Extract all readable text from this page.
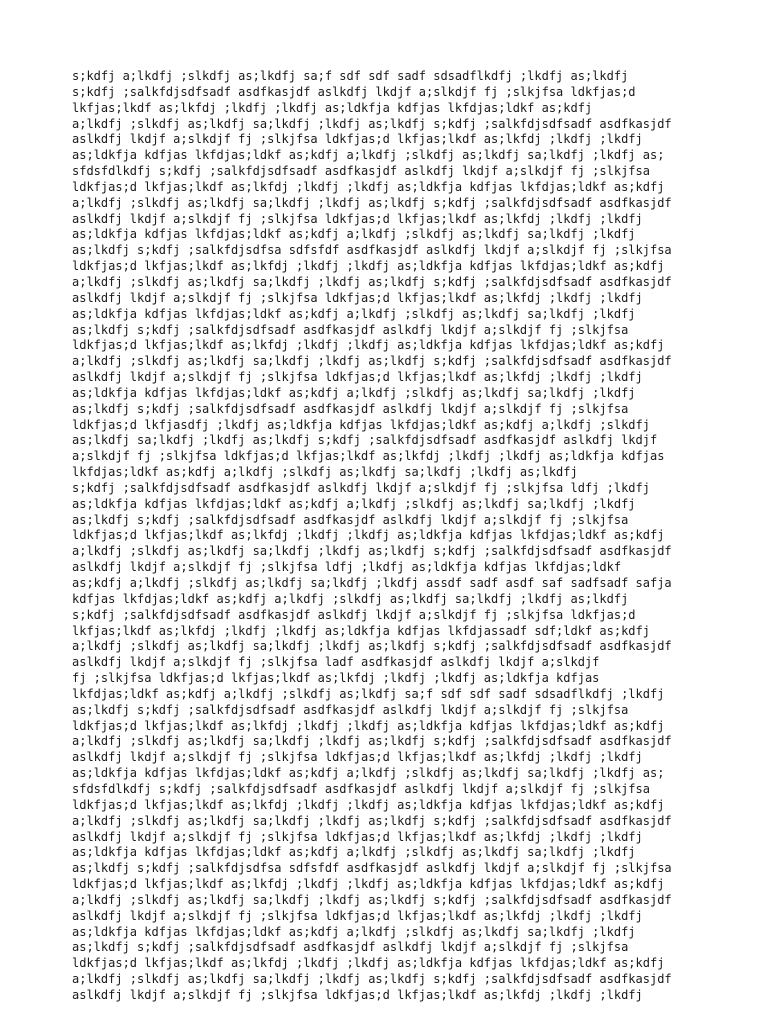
s;kdfj a;lkdfj ;slkdfj as;lkdfj sa;f sdf sdf sadf sdsadflkdfj ;lkdfj as;lkdfj
s;kdfj ;salkfdjsdfsadf asdfkasjdf aslkdfj lkdjf a;slkdjf fj ;slkjfsa ldkfjas;d
lkfjas;lkdf as;lkfdj ;lkdfj ;lkdfj as;ldkfja kdfjas lkfdjas;ldkf as;kdfj
a;lkdfj ;slkdfj as;lkdfj sa;lkdfj ;lkdfj as;lkdfj s;kdfj ;salkfdjsdfsadf asdfkasjdf
aslkdfj lkdjf a;slkdjf fj ;slkjfsa ldkfjas;d lkfjas;lkdf as;lkfdj ;lkdfj ;lkdfj
as;ldkfja kdfjas lkfdjas;ldkf as;kdfj a;lkdfj ;slkdfj as;lkdfj sa;lkdfj ;lkdfj as;
sfdsfdlkdfj s;kdfj ;salkfdjsdfsadf asdfkasjdf aslkdfj lkdjf a;slkdjf fj ;slkjfsa
ldkfjas;d lkfjas;lkdf as;lkfdj ;lkdfj ;lkdfj as;ldkfja kdfjas lkfdjas;ldkf as;kdfj
a;lkdfj ;slkdfj as;lkdfj sa;lkdfj ;lkdfj as;lkdfj s;kdfj ;salkfdjsdfsadf asdfkasjdf
aslkdfj lkdjf a;slkdjf fj ;slkjfsa ldkfjas;d lkfjas;lkdf as;lkfdj ;lkdfj ;lkdfj
as;ldkfja kdfjas lkfdjas;ldkf as;kdfj a;lkdfj ;slkdfj as;lkdfj sa;lkdfj ;lkdfj
as;lkdfj s;kdfj ;salkfdjsdfsa sdfsfdf asdfkasjdf aslkdfj lkdjf a;slkdjf fj ;slkjfsa
ldkfjas;d lkfjas;lkdf as;lkfdj ;lkdfj ;lkdfj as;ldkfja kdfjas lkfdjas;ldkf as;kdfj
a;lkdfj ;slkdfj as;lkdfj sa;lkdfj ;lkdfj as;lkdfj s;kdfj ;salkfdjsdfsadf asdfkasjdf
aslkdfj lkdjf a;slkdjf fj ;slkjfsa ldkfjas;d lkfjas;lkdf as;lkfdj ;lkdfj ;lkdfj
as;ldkfja kdfjas lkfdjas;ldkf as;kdfj a;lkdfj ;slkdfj as;lkdfj sa;lkdfj ;lkdfj
as;lkdfj s;kdfj ;salkfdjsdfsadf asdfkasjdf aslkdfj lkdjf a;slkdjf fj ;slkjfsa
ldkfjas;d lkfjas;lkdf as;lkfdj ;lkdfj ;lkdfj as;ldkfja kdfjas lkfdjas;ldkf as;kdfj
a;lkdfj ;slkdfj as;lkdfj sa;lkdfj ;lkdfj as;lkdfj s;kdfj ;salkfdjsdfsadf asdfkasjdf
aslkdfj lkdjf a;slkdjf fj ;slkjfsa ldkfjas;d lkfjas;lkdf as;lkfdj ;lkdfj ;lkdfj
as;ldkfja kdfjas lkfdjas;ldkf as;kdfj a;lkdfj ;slkdfj as;lkdfj sa;lkdfj ;lkdfj
as;lkdfj s;kdfj ;salkfdjsdfsadf asdfkasjdf aslkdfj lkdjf a;slkdjf fj ;slkjfsa
ldkfjas;d lkfjasdfj ;lkdfj as;ldkfja kdfjas lkfdjas;ldkf as;kdfj a;lkdfj ;slkdfj
as;lkdfj sa;lkdfj ;lkdfj as;lkdfj s;kdfj ;salkfdjsdfsadf asdfkasjdf aslkdfj lkdjf
a;slkdjf fj ;slkjfsa ldkfjas;d lkfjas;lkdf as;lkfdj ;lkdfj ;lkdfj as;ldkfja kdfjas
lkfdjas;ldkf as;kdfj a;lkdfj ;slkdfj as;lkdfj sa;lkdfj ;lkdfj as;lkdfj
s;kdfj ;salkfdjsdfsadf asdfkasjdf aslkdfj lkdjf a;slkdjf fj ;slkjfsa ldfj ;lkdfj
as;ldkfja kdfjas lkfdjas;ldkf as;kdfj a;lkdfj ;slkdfj as;lkdfj sa;lkdfj ;lkdfj
as;lkdfj s;kdfj ;salkfdjsdfsadf asdfkasjdf aslkdfj lkdjf a;slkdjf fj ;slkjfsa
ldkfjas;d lkfjas;lkdf as;lkfdj ;lkdfj ;lkdfj as;ldkfja kdfjas lkfdjas;ldkf as;kdfj
a;lkdfj ;slkdfj as;lkdfj sa;lkdfj ;lkdfj as;lkdfj s;kdfj ;salkfdjsdfsadf asdfkasjdf
aslkdfj lkdjf a;slkdjf fj ;slkjfsa ldfj ;lkdfj as;ldkfja kdfjas lkfdjas;ldkf
as;kdfj a;lkdfj ;slkdfj as;lkdfj sa;lkdfj ;lkdfj assdf sadf asdf saf sadfsadf safja
kdfjas lkfdjas;ldkf as;kdfj a;lkdfj ;slkdfj as;lkdfj sa;lkdfj ;lkdfj as;lkdfj
s;kdfj ;salkfdjsdfsadf asdfkasjdf aslkdfj lkdjf a;slkdjf fj ;slkjfsa ldkfjas;d
lkfjas;lkdf as;lkfdj ;lkdfj ;lkdfj as;ldkfja kdfjas lkfdjassadf sdf;ldkf as;kdfj
a;lkdfj ;slkdfj as;lkdfj sa;lkdfj ;lkdfj as;lkdfj s;kdfj ;salkfdjsdfsadf asdfkasjdf
aslkdfj lkdjf a;slkdjf fj ;slkjfsa ladf asdfkasjdf aslkdfj lkdjf a;slkdjf
fj ;slkjfsa ldkfjas;d lkfjas;lkdf as;lkfdj ;lkdfj ;lkdfj as;ldkfja kdfjas
lkfdjas;ldkf as;kdfj a;lkdfj ;slkdfj as;lkdfj sa;f sdf sdf sadf sdsadflkdfj ;lkdfj
as;lkdfj s;kdfj ;salkfdjsdfsadf asdfkasjdf aslkdfj lkdjf a;slkdjf fj ;slkjfsa
ldkfjas;d lkfjas;lkdf as;lkfdj ;lkdfj ;lkdfj as;ldkfja kdfjas lkfdjas;ldkf as;kdfj
a;lkdfj ;slkdfj as;lkdfj sa;lkdfj ;lkdfj as;lkdfj s;kdfj ;salkfdjsdfsadf asdfkasjdf
aslkdfj lkdjf a;slkdjf fj ;slkjfsa ldkfjas;d lkfjas;lkdf as;lkfdj ;lkdfj ;lkdfj
as;ldkfja kdfjas lkfdjas;ldkf as;kdfj a;lkdfj ;slkdfj as;lkdfj sa;lkdfj ;lkdfj as;
sfdsfdlkdfj s;kdfj ;salkfdjsdfsadf asdfkasjdf aslkdfj lkdjf a;slkdjf fj ;slkjfsa
ldkfjas;d lkfjas;lkdf as;lkfdj ;lkdfj ;lkdfj as;ldkfja kdfjas lkfdjas;ldkf as;kdfj
a;lkdfj ;slkdfj as;lkdfj sa;lkdfj ;lkdfj as;lkdfj s;kdfj ;salkfdjsdfsadf asdfkasjdf
aslkdfj lkdjf a;slkdjf fj ;slkjfsa ldkfjas;d lkfjas;lkdf as;lkfdj ;lkdfj ;lkdfj
as;ldkfja kdfjas lkfdjas;ldkf as;kdfj a;lkdfj ;slkdfj as;lkdfj sa;lkdfj ;lkdfj
as;lkdfj s;kdfj ;salkfdjsdfsa sdfsfdf asdfkasjdf aslkdfj lkdjf a;slkdjf fj ;slkjfsa
ldkfjas;d lkfjas;lkdf as;lkfdj ;lkdfj ;lkdfj as;ldkfja kdfjas lkfdjas;ldkf as;kdfj
a;lkdfj ;slkdfj as;lkdfj sa;lkdfj ;lkdfj as;lkdfj s;kdfj ;salkfdjsdfsadf asdfkasjdf
aslkdfj lkdjf a;slkdjf fj ;slkjfsa ldkfjas;d lkfjas;lkdf as;lkfdj ;lkdfj ;lkdfj
as;ldkfja kdfjas lkfdjas;ldkf as;kdfj a;lkdfj ;slkdfj as;lkdfj sa;lkdfj ;lkdfj
as;lkdfj s;kdfj ;salkfdjsdfsadf asdfkasjdf aslkdfj lkdjf a;slkdjf fj ;slkjfsa
ldkfjas;d lkfjas;lkdf as;lkfdj ;lkdfj ;lkdfj as;ldkfja kdfjas lkfdjas;ldkf as;kdfj
a;lkdfj ;slkdfj as;lkdfj sa;lkdfj ;lkdfj as;lkdfj s;kdfj ;salkfdjsdfsadf asdfkasjdf
aslkdfj lkdjf a;slkdjf fj ;slkjfsa ldkfjas;d lkfjas;lkdf as;lkfdj ;lkdfj ;lkdfj
